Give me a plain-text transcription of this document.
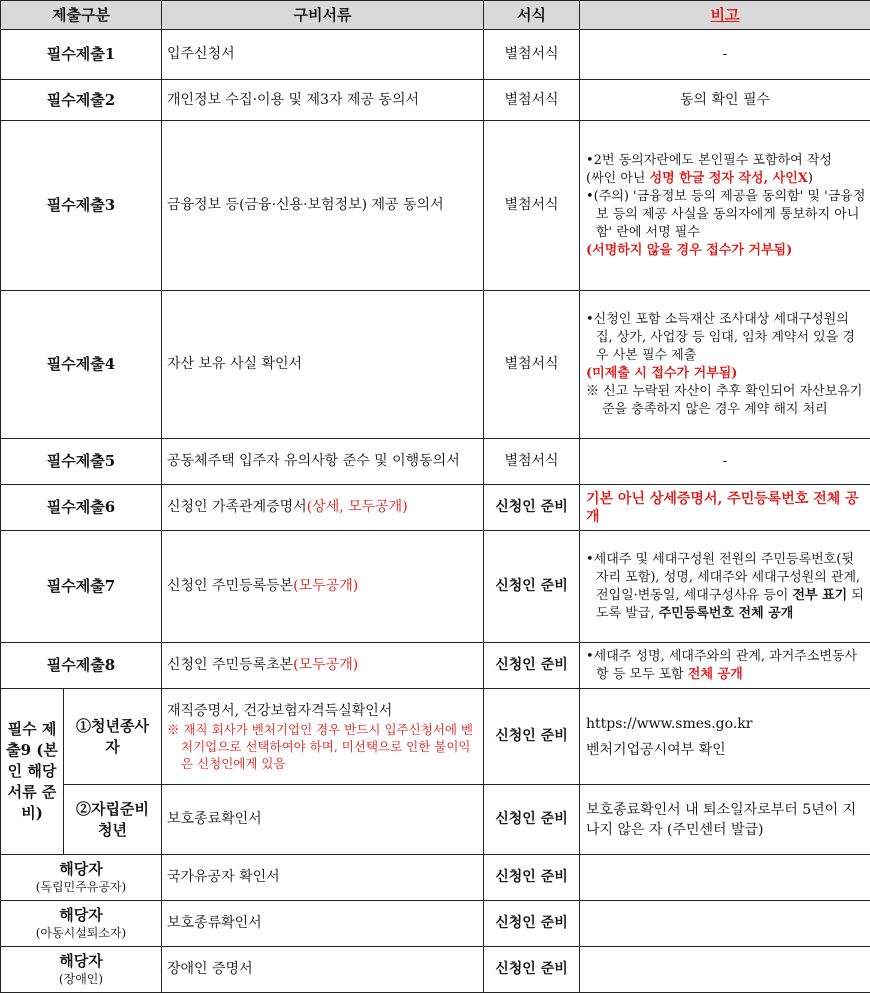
제출구분		구비서류	서식	비고
필수제출1		입주신청서	별첨서식	-
필수제출2		개인정보 수집·이용 및 제3자 제공 동의서	별첨서식	동의 확인 필수
필수제출3		금융정보 등(금융·신용·보험정보) 제공 동의서	별첨서식	•2번 동의자란에도 본인필수 포함하여 작성
(싸인 아닌 성명 한글 정자 작성, 사인X)
•(주의) '금융정보 등의 제공을 동의함' 및 '금융정보 등의 제공 사실을 동의자에게 통보하지 아니함' 란에 서명 필수
(서명하지 않을 경우 접수가 거부됨)

필수제출4		자산 보유 사실 확인서	별첨서식	•신청인 포함 소득재산 조사대상 세대구성원의 집, 상가, 사업장 등 임대, 임차 계약서 있을 경우 사본 필수 제출
(미제출 시 접수가 거부됨)
※ 신고 누락된 자산이 추후 확인되어 자산보유기준을 충족하지 않은 경우 계약 해지 처리

필수제출5		공동체주택 입주자 유의사항 준수 및 이행동의서	별첨서식	-
필수제출6		신청인 가족관계증명서(상세, 모두공개)	신청인 준비	기본 아닌 상세증명서, 주민등록번호 전체 공개
필수제출7		신청인 주민등록등본(모두공개)	신청인 준비	•세대주 및 세대구성원 전원의 주민등록번호(뒷자리 포함), 성명, 세대주와 세대구성원의 관계, 전입일·변동일, 세대구성사유 등이 전부 표기 되도록 발급, 주민등록번호 전체 공개

필수제출8		신청인 주민등록초본(모두공개)	신청인 준비	•세대주 성명, 세대주와의 관계, 과거주소변동사항 등 모두 포함 전체 공개

필수 제출9 (본인 해당 서류 준비)	①청년종사자	재직증명서, 건강보험자격득실확인서
※ 재직 회사가 벤처기업인 경우 반드시 입주신청서에 벤처기업으로 선택하여야 하며, 미선택으로 인한 불이익은 신청인에게 있음	신청인 준비	https://www.smes.go.kr
벤처기업공시여부 확인

	②자립준비청년	보호종료확인서	신청인 준비	보호종료확인서 내 퇴소일자로부터 5년이 지나지 않은 자 (주민센터 발급)

해당자
(독립민주유공자)		국가유공자 확인서	신청인 준비	

해당자
(아동시설퇴소자)		보호종류확인서	신청인 준비	

해당자
(장애인)		장애인 증명서	신청인 준비	
